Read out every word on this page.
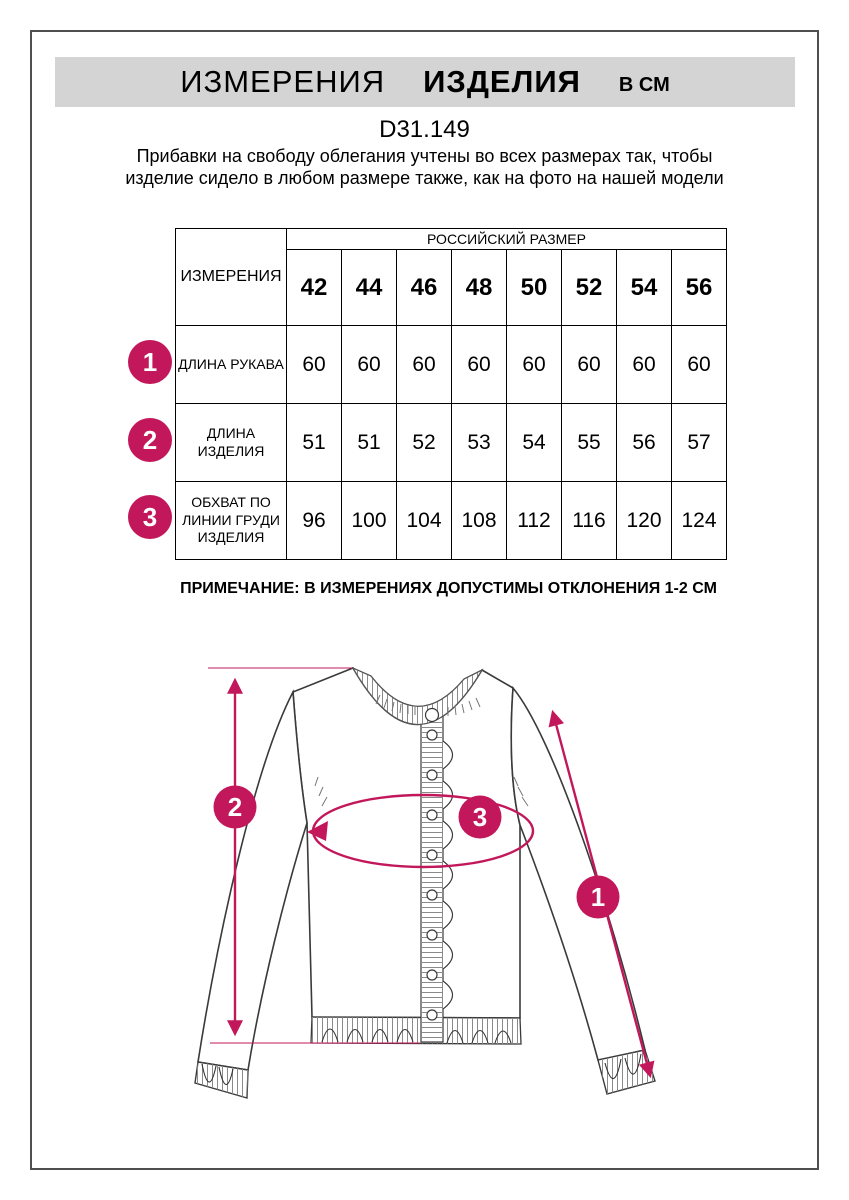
ИЗМЕРЕНИЯ ИЗДЕЛИЯ В СМ
D31.149
Прибавки на свободу облегания учтены во всех размерах так, чтобы изделие сидело в любом размере также, как на фото на нашей модели
1
2
3
ИЗМЕРЕНИЯ	РОССИЙСКИЙ РАЗМЕР							
	42	44	46	48	50	52	54	56
ДЛИНА РУКАВА	60	60	60	60	60	60	60	60
ДЛИНА ИЗДЕЛИЯ	51	51	52	53	54	55	56	57
ОБХВАТ ПО ЛИНИИ ГРУДИ ИЗДЕЛИЯ	96	100	104	108	112	116	120	124
ПРИМЕЧАНИЕ: В ИЗМЕРЕНИЯХ ДОПУСТИМЫ ОТКЛОНЕНИЯ 1-2 СМ
2	3
1
